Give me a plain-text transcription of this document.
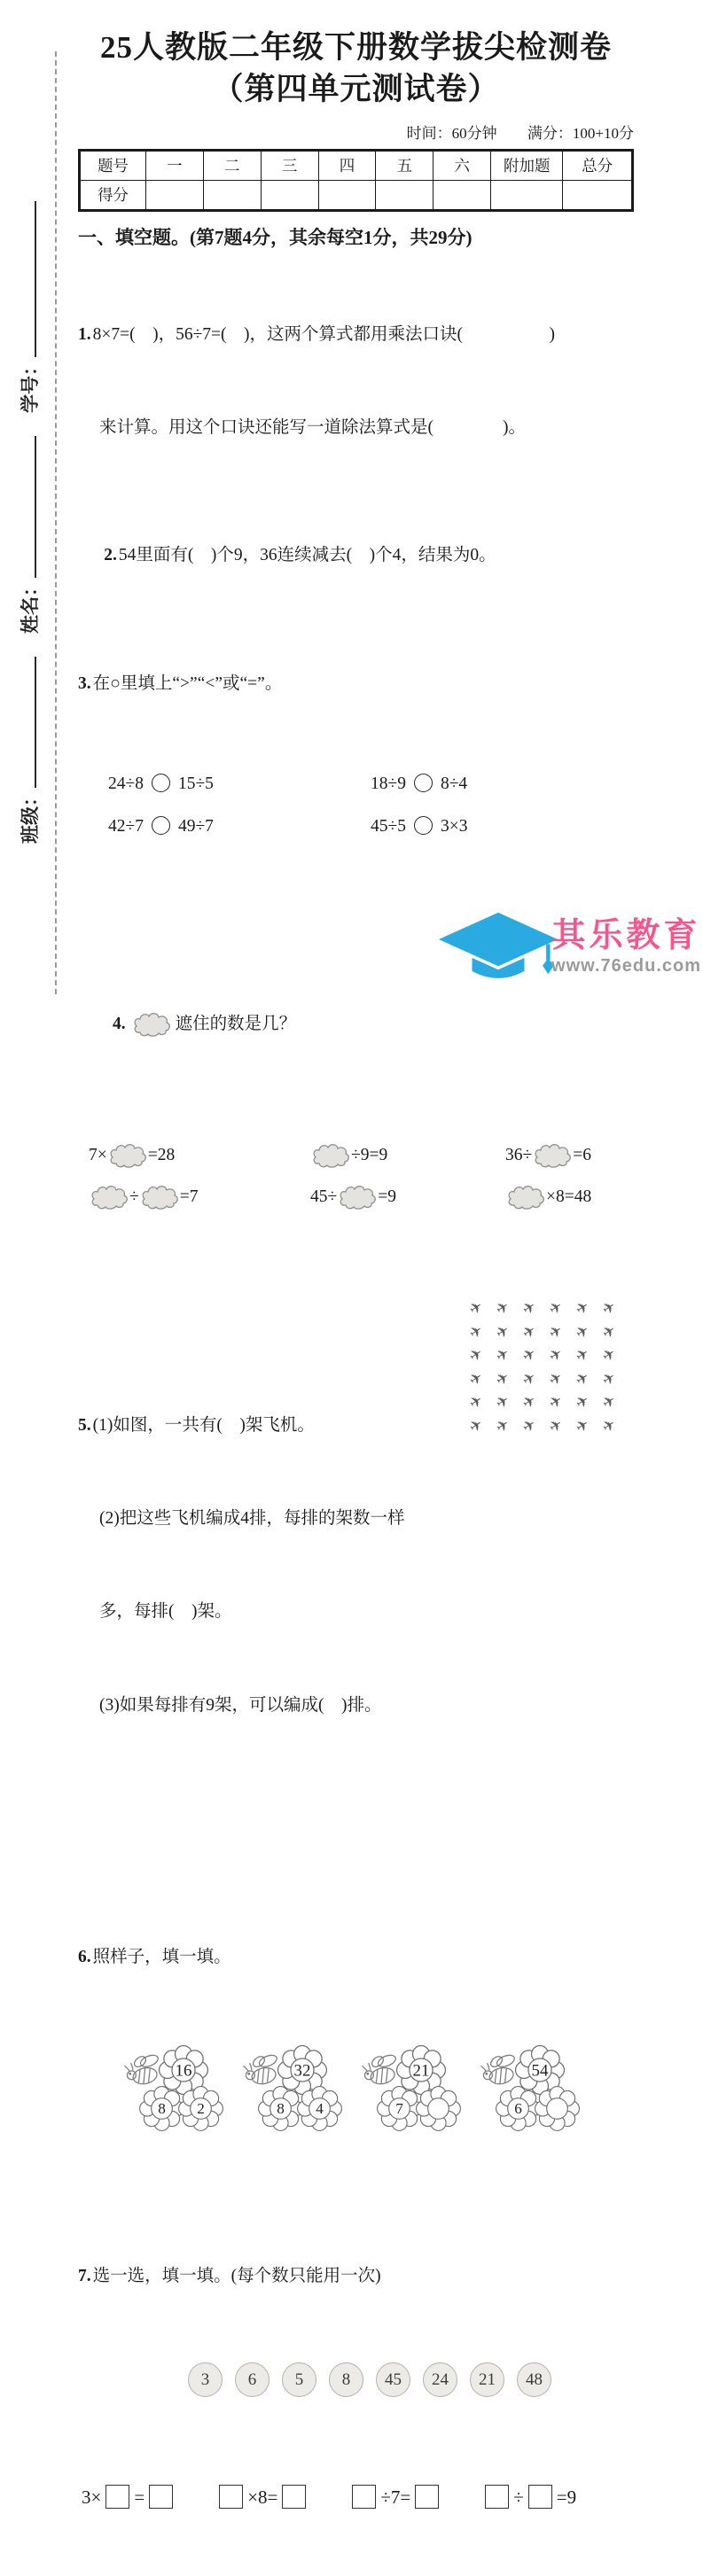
班级：
姓名：
学号：
25人教版二年级下册数学拔尖检测卷
（第四单元测试卷）
时间：60分钟 满分：100+10分
题号	一	二	三	四	五	六	附加题	总分
得分								
一、填空题。(第7题4分，其余每空1分，共29分)

1. 8×7=(　)，56÷7=(　)，这两个算式都用乘法口诀(　　　　　)

来计算。用这个口诀还能写一道除法算式是(　　　　)。

2. 54里面有(　)个9，36连续减去(　)个4，结果为0。

3. 在○里填上“>”“<”或“=”。

24÷8 15÷5	18÷9 8÷4
42÷7 49÷7	45÷5 3×3

4.	遮住的数是几？

7× =28	÷9=9	36÷ =6
÷ =7	45÷ =9	×8=48

5. (1)如图，一共有(　)架飞机。

(2)把这些飞机编成4排，每排的架数一样

多，每排(　)架。

(3)如果每排有9架，可以编成(　)排。

✈ ✈ ✈ ✈ ✈ ✈
✈ ✈ ✈ ✈ ✈ ✈
✈ ✈ ✈ ✈ ✈ ✈
✈ ✈ ✈ ✈ ✈ ✈
✈ ✈ ✈ ✈ ✈ ✈
✈ ✈ ✈ ✈ ✈ ✈

6. 照样子，填一填。

16

8

2

32

8

4

21

7

54

6

7. 选一选，填一填。(每个数只能用一次)

3	6	5	8	45	24	21	48

3× =	×8=	÷7=	÷ =9

其乐教育
www.76edu.com
